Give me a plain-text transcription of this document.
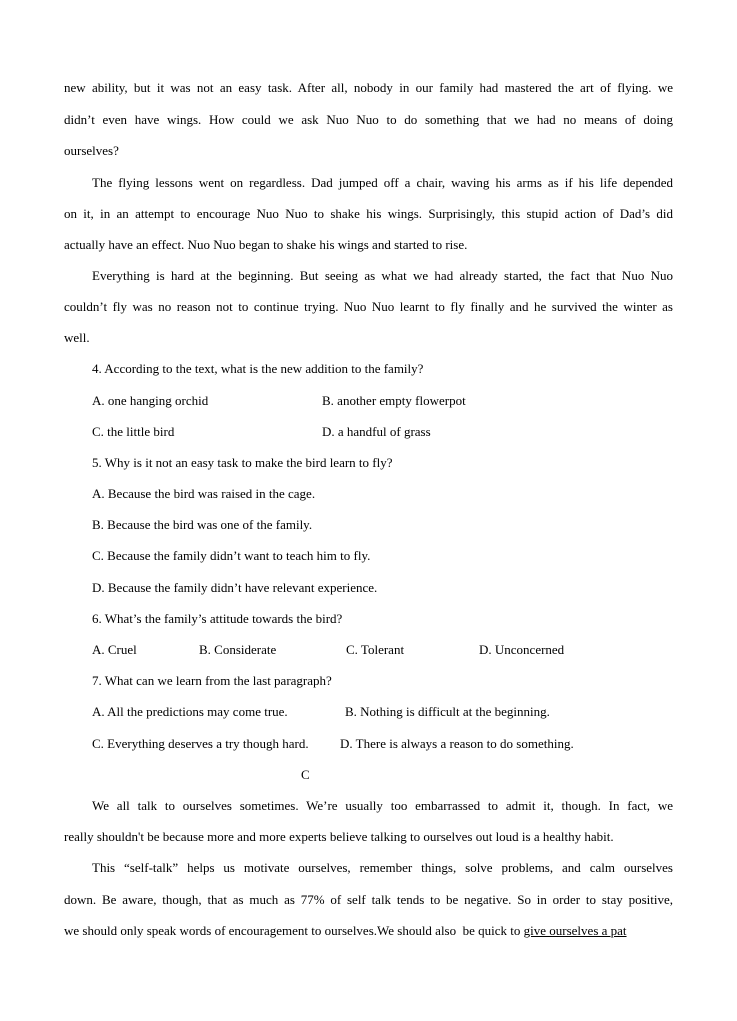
new ability, but it was not an easy task. After all, nobody in our family had mastered the art of flying. we
didn’t even have wings. How could we ask Nuo Nuo to do something that we had no means of doing
ourselves?
The flying lessons went on regardless. Dad jumped off a chair, waving his arms as if his life depended
on it, in an attempt to encourage Nuo Nuo to shake his wings. Surprisingly, this stupid action of Dad’s did
actually have an effect. Nuo Nuo began to shake his wings and started to rise.
Everything is hard at the beginning. But seeing as what we had already started, the fact that Nuo Nuo
couldn’t fly was no reason not to continue trying. Nuo Nuo learnt to fly finally and he survived the winter as
well.
4. According to the text, what is the new addition to the family?
A. one hanging orchid	B. another empty flowerpot
C. the little bird	D. a handful of grass
5. Why is it not an easy task to make the bird learn to fly?
A. Because the bird was raised in the cage.
B. Because the bird was one of the family.
C. Because the family didn’t want to teach him to fly.
D. Because the family didn’t have relevant experience.
6. What’s the family’s attitude towards the bird?
A. Cruel	B. Considerate	C. Tolerant	D. Unconcerned
7. What can we learn from the last paragraph?
A. All the predictions may come true.	B. Nothing is difficult at the beginning.
C. Everything deserves a try though hard. D. There is always a reason to do something.
C
We all talk to ourselves sometimes. We’re usually too embarrassed to admit it, though. In fact, we
really shouldn't be because more and more experts believe talking to ourselves out loud is a healthy habit.
This “self-talk” helps us motivate ourselves, remember things, solve problems, and calm ourselves
down. Be aware, though, that as much as 77% of self talk tends to be negative. So in order to stay positive,
we should only speak words of encouragement to ourselves.We should also  be quick to give ourselves a pat
